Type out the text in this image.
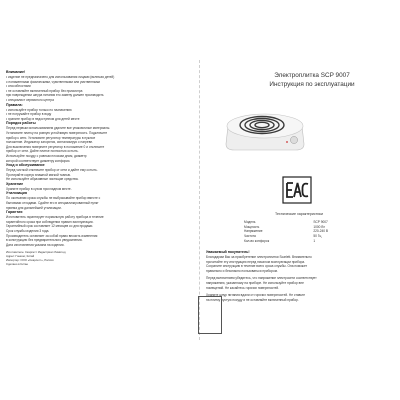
Внимание!
• изделие не предназначено для использования лицами (включая детей)
с пониженными физическими, чувственными или умственными
• способностями
• не оставляйте включенный прибор без присмотра
при повреждении шнура питания его замену должен производить
• специалист сервисного центра
Правила:
• используйте прибор только по назначению
• не погружайте прибор в воду
• храните прибор в недоступном для детей месте
Порядок работы
Перед первым использованием удалите все упаковочные материалы.
Установите плитку на ровную устойчивую поверхность. Подключите
прибор к сети. Установите регулятор температуры в нужное
положение. Индикатор загорится, сигнализируя о нагреве.
Для выключения поверните регулятор в положение 0 и отключите
прибор от сети. Дайте плитке полностью остыть.
Используйте посуду с ровным плоским дном, диаметр
которой соответствует диаметру конфорки.
Уход и обслуживание
Перед чисткой отключите прибор от сети и дайте ему остыть.
Протирайте корпус влажной мягкой тканью.
Не используйте абразивные чистящие средства.
Хранение
Храните прибор в сухом прохладном месте.
Утилизация
По окончании срока службы не выбрасывайте прибор вместе с
бытовыми отходами. Сдайте его в специализированный пункт
приема для дальнейшей утилизации.
Гарантия
Изготовитель гарантирует нормальную работу прибора в течение
гарантийного срока при соблюдении правил эксплуатации.
Гарантийный срок составляет 12 месяцев со дня продажи.
Срок службы изделия 3 года.
Производитель оставляет за собой право вносить изменения
в конструкцию без предварительного уведомления.
Дата изготовления указана на изделии.
Изготовитель: Скарлетт Индастриал Лимитед
Адрес: Гонконг, Китай
Импортер: ООО «Скарлетт», Россия
Сделано в Китае
Электроплитка SCP 9007
Инструкция по эксплуатации
Технические характеристики
Модель	SCP 9007
Мощность	1000 Вт
Напряжение	220-240 В
Частота	50 Гц
Кол-во конфорок	1
Уважаемый покупатель!
Благодарим Вас за приобретение электроплитки Scarlett. Внимательно
прочитайте эту инструкцию перед началом эксплуатации прибора.
Сохраните инструкцию в течение всего срока службы. Она поможет
правильно и безопасно пользоваться прибором.
Перед включением убедитесь, что напряжение электросети соответствует
напряжению, указанному на приборе. Не используйте прибор вне
помещений. Не касайтесь горячих поверхностей.
Храните шнур питания вдали от горячих поверхностей. Не ставьте
на плитку пустую посуду и не оставляйте включенный прибор.
